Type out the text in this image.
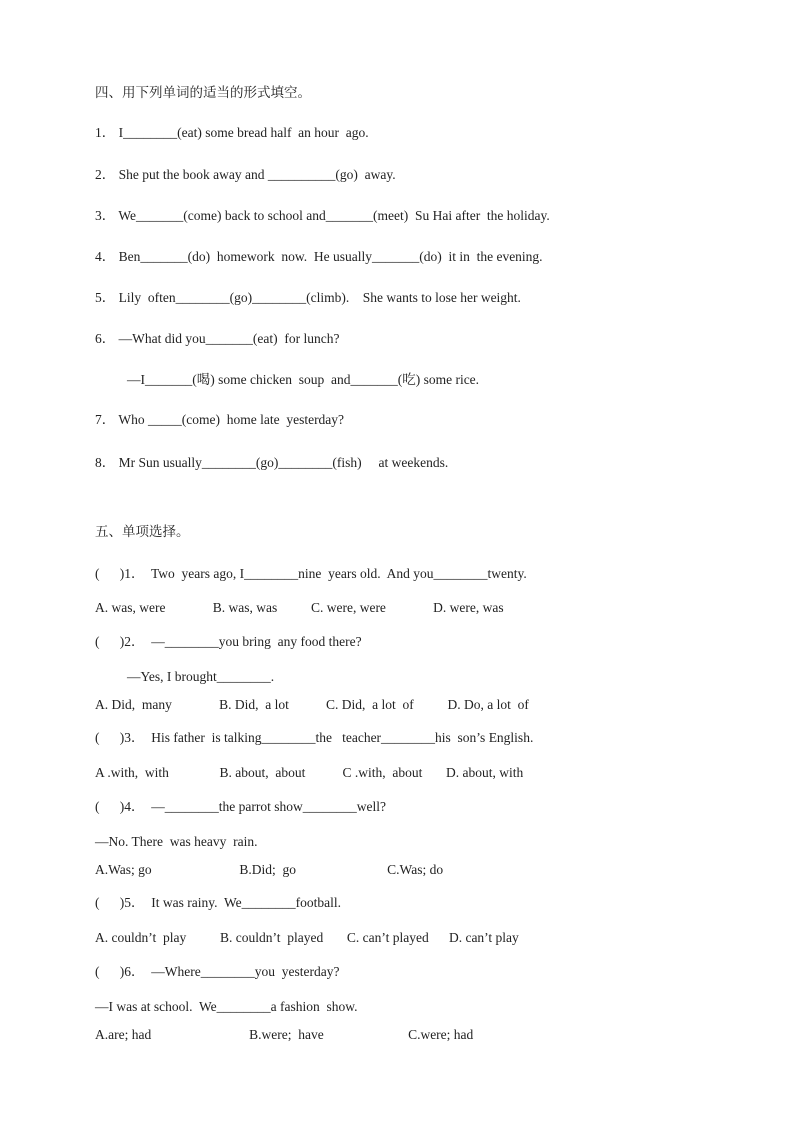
四、用下列单词的适当的形式填空。
1． I________(eat) some bread half  an hour  ago.
2． She put the book away and __________(go)  away.
3． We_______(come) back to school and_______(meet)  Su Hai after  the holiday.
4． Ben_______(do)  homework  now.  He usually_______(do)  it in  the evening.
5． Lily  often________(go)________(climb).    She wants to lose her weight.
6． —What did you_______(eat)  for lunch?
—I_______(喝) some chicken  soup  and_______(吃) some rice.
7． Who _____(come)  home late  yesterday?
8． Mr Sun usually________(go)________(fish)     at weekends.
五、单项选择。
(      )1．  Two  years ago, I________nine  years old.  And you________twenty.
A. was, were              B. was, was          C. were, were              D. were, was
(      )2．  —________you bring  any food there?
—Yes, I brought________.
A. Did,  many              B. Did,  a lot           C. Did,  a lot  of          D. Do, a lot  of
(      )3．  His father  is talking________the   teacher________his  son’s English.
A .with,  with               B. about,  about           C .with,  about       D. about, with
(      )4．  —________the parrot show________well?
—No. There  was heavy  rain.
A.Was; go                          B.Did;  go                           C.Was; do
(      )5．  It was rainy.  We________football.
A. couldn’t  play          B. couldn’t  played       C. can’t played      D. can’t play
(      )6．  —Where________you  yesterday?
—I was at school.  We________a fashion  show.
A.are; had                             B.were;  have                         C.were; had
